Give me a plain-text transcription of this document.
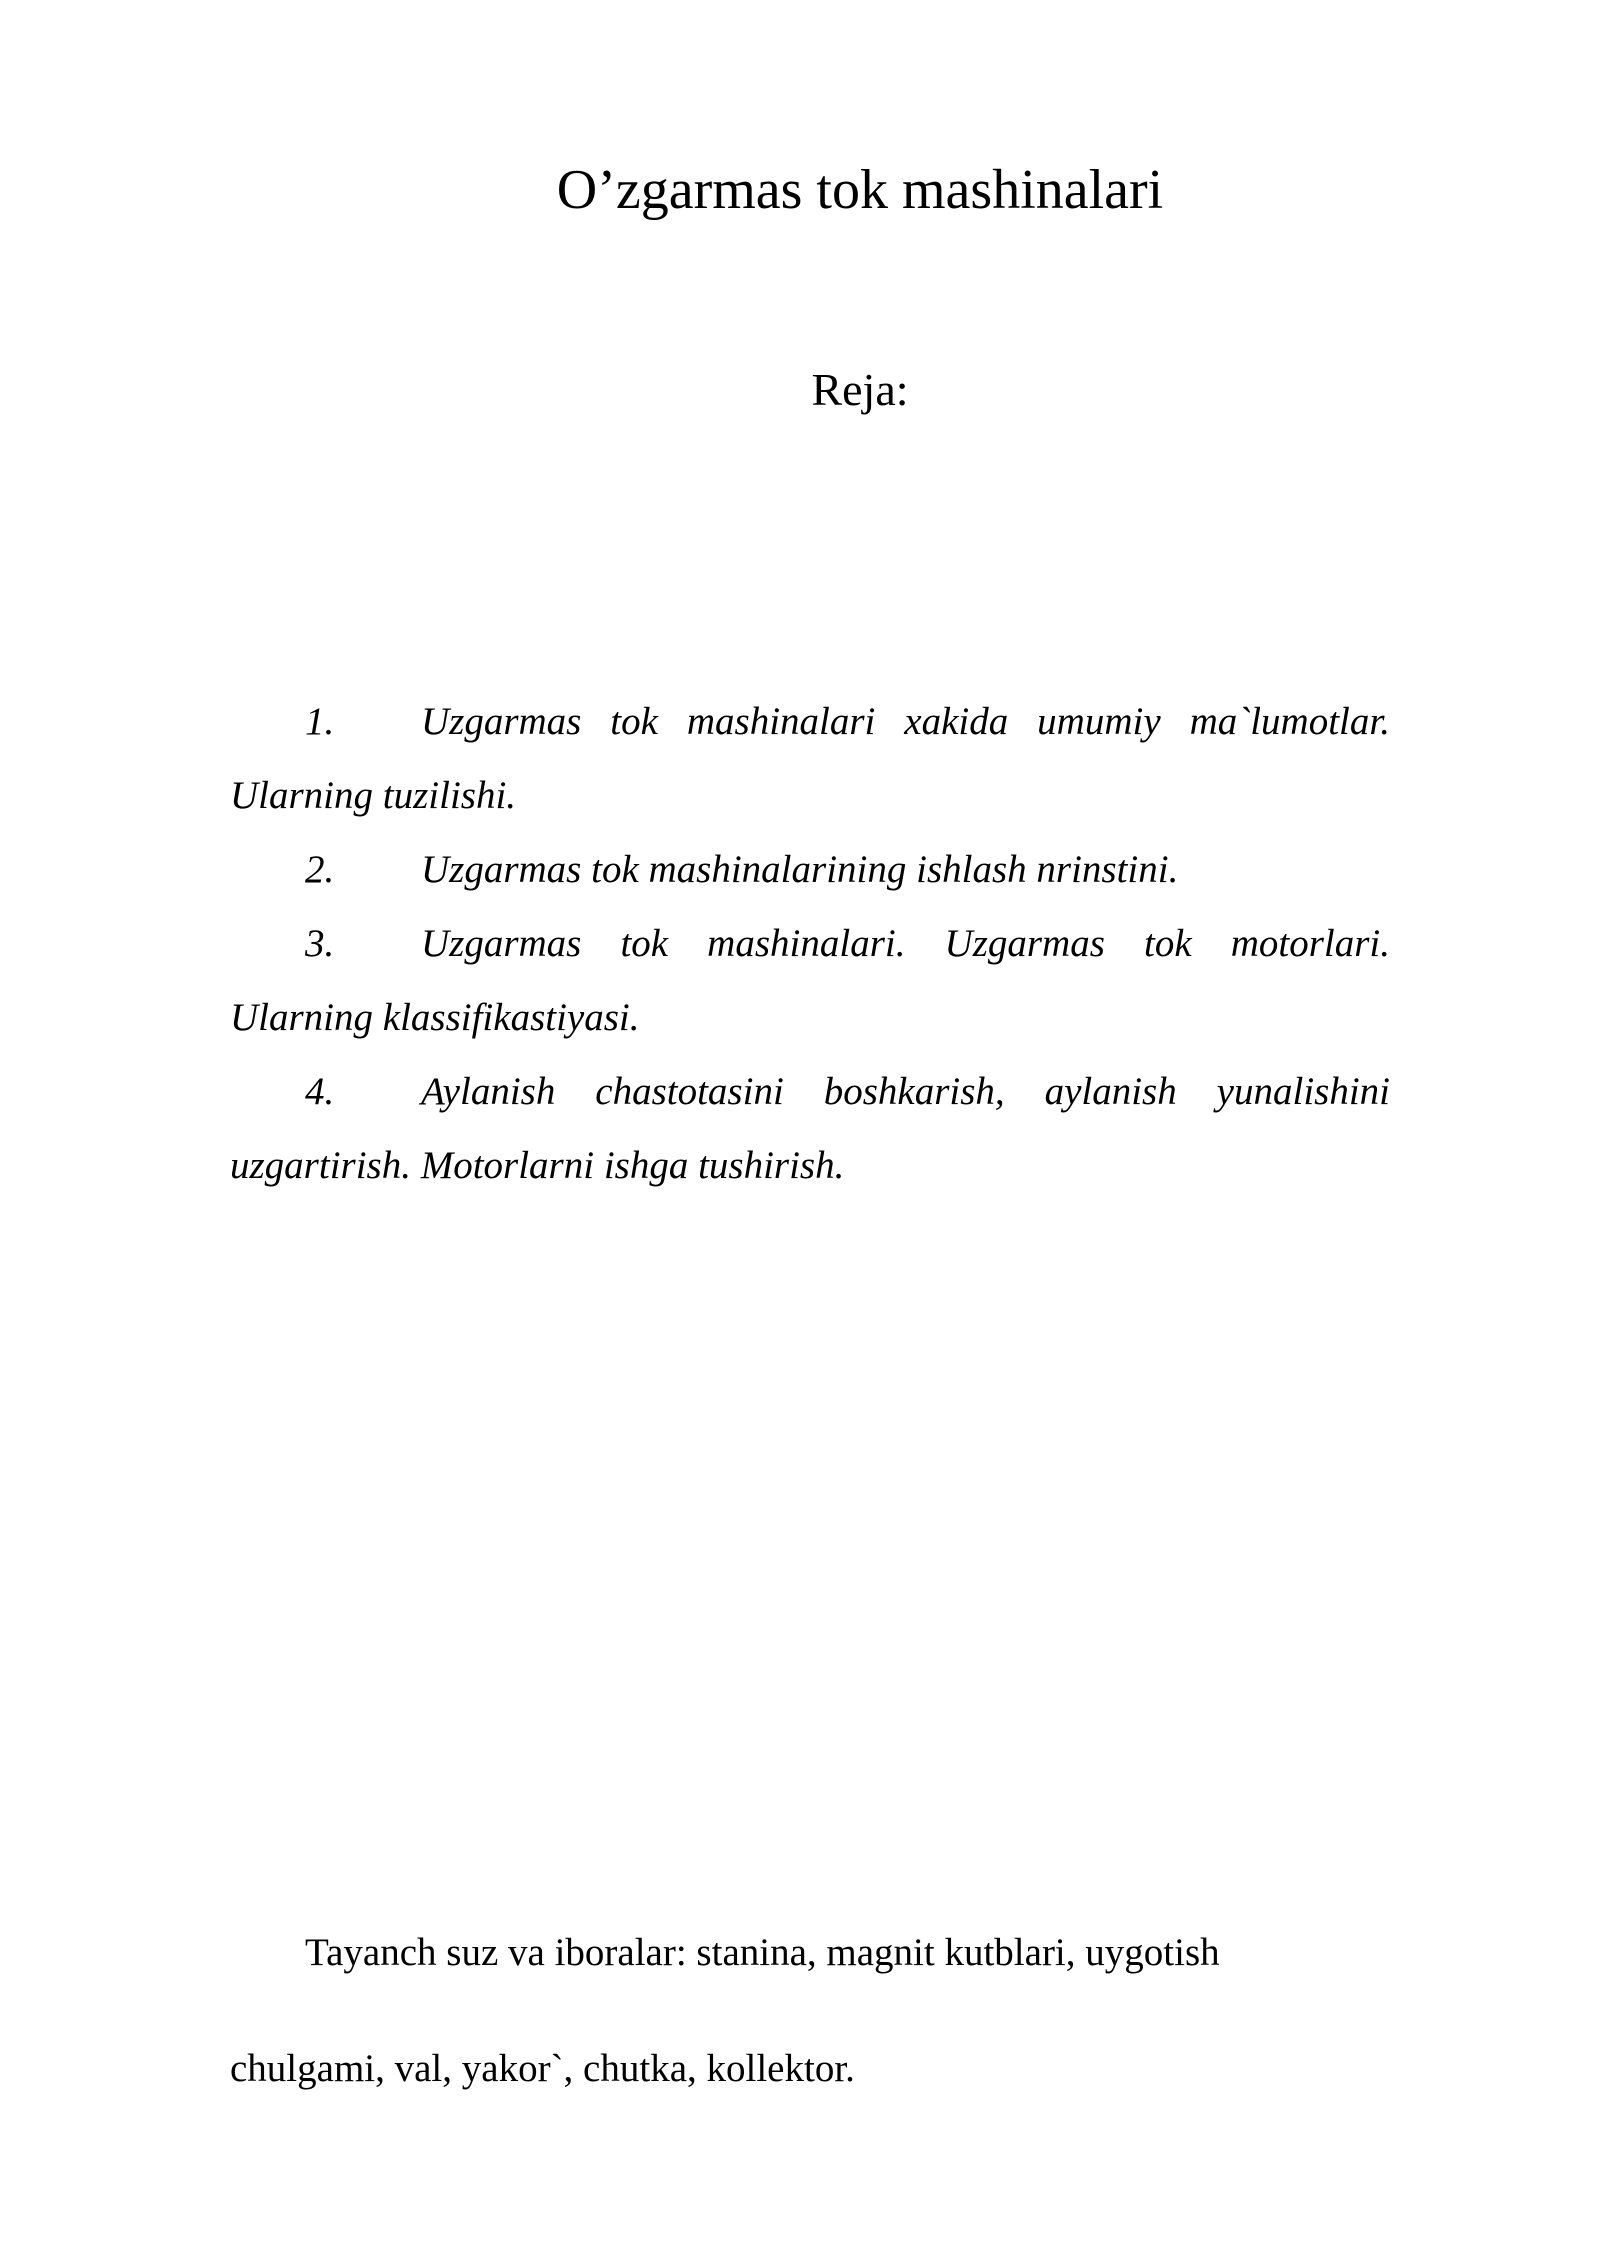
O’zgarmas tok mashinalari
Reja:
1. Uzgarmas tok mashinalari xakida umumiy ma`lumotlar. Ularning tuzilishi.
2. Uzgarmas tok mashinalarining ishlash nrinstini.
3. Uzgarmas tok mashinalari. Uzgarmas tok motorlari. Ularning klassifikastiyasi.
4. Aylanish chastotasini boshkarish, aylanish yunalishini uzgartirish. Motorlarni ishga tushirish.

Tayanch suz va iboralar: stanina, magnit kutblari, uygotish chulgami, val, yakor`, chutka, kollektor.
